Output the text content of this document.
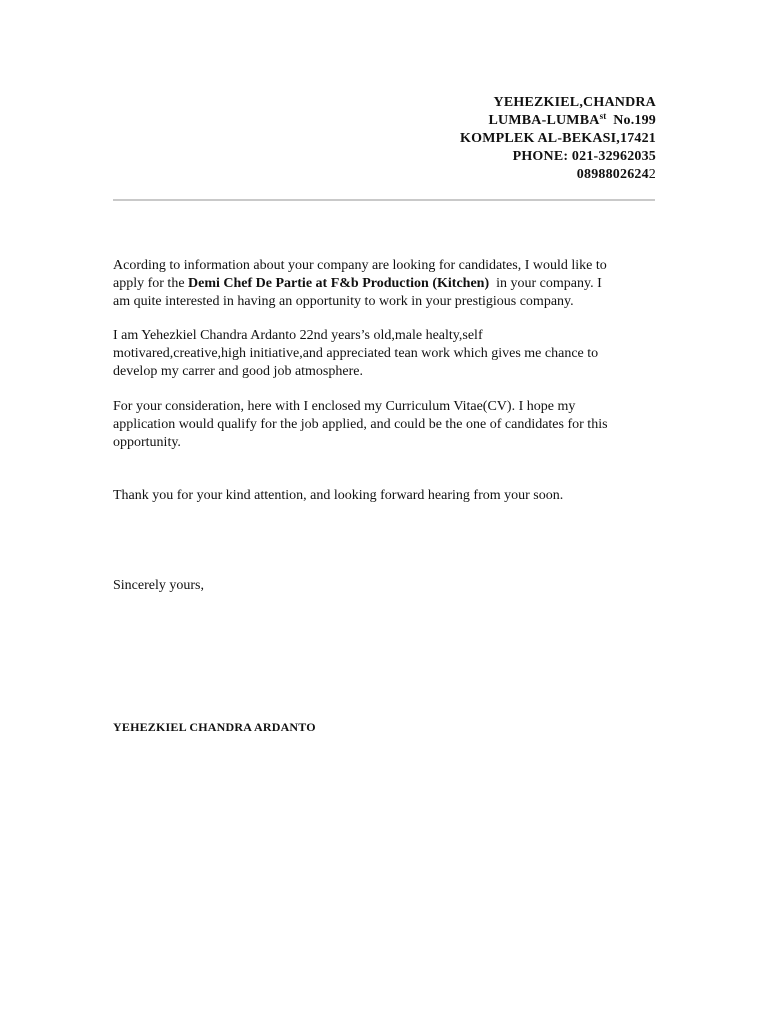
YEHEZKIEL,CHANDRA
LUMBA-$LUMBA^{st}$ No.199
KOMPLEK AL-BEKASI,17421
PHONE: 021-32962035
08988026242
Acording to information about your company are looking for candidates, I would like to
apply for the Demi Chef De Partie at F&b Production (Kitchen)  in your company. I
am quite interested in having an opportunity to work in your prestigious company.
I am Yehezkiel Chandra Ardanto 22nd years’s old,male healty,self
motivared,creative,high initiative,and appreciated tean work which gives me chance to
develop my carrer and good job atmosphere.
For your consideration, here with I enclosed my Curriculum Vitae(CV). I hope my
application would qualify for the job applied, and could be the one of candidates for this
opportunity.
Thank you for your kind attention, and looking forward hearing from your soon.
Sincerely yours,
YEHEZKIEL CHANDRA ARDANTO
